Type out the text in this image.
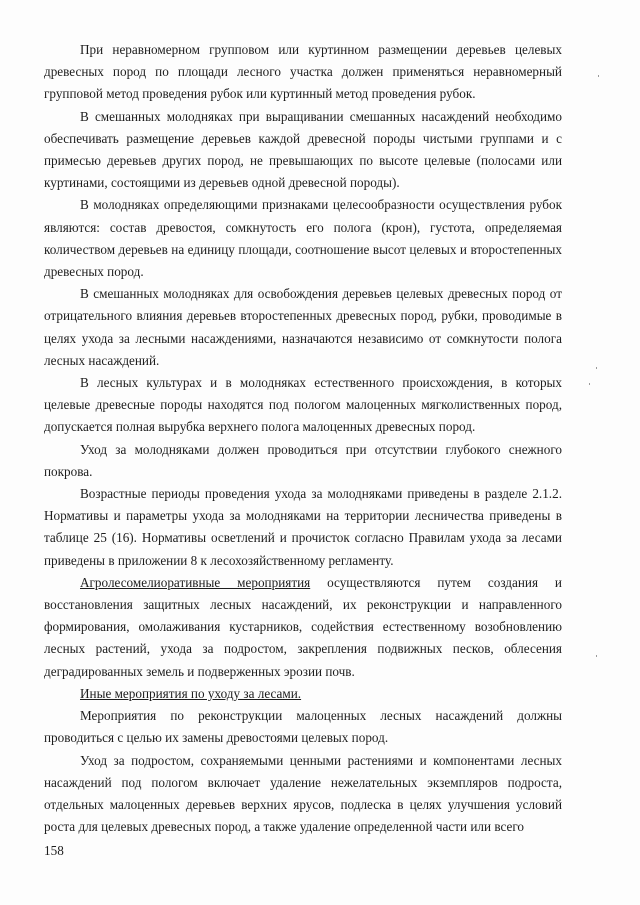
При неравномерном групповом или куртинном размещении деревьев целевых древесных пород по площади лесного участка должен применяться неравномерный групповой метод проведения рубок или куртинный метод проведения рубок.

В смешанных молодняках при выращивании смешанных насаждений необходимо обеспечивать размещение деревьев каждой древесной породы чистыми группами и с примесью деревьев других пород, не превышающих по высоте целевые (полосами или куртинами, состоящими из деревьев одной древесной породы).

В молодняках определяющими признаками целесообразности осуществления рубок являются: состав древостоя, сомкнутость его полога (крон), густота, определяемая количеством деревьев на единицу площади, соотношение высот целевых и второстепенных древесных пород.

В смешанных молодняках для освобождения деревьев целевых древесных пород от отрицательного влияния деревьев второстепенных древесных пород, рубки, проводимые в целях ухода за лесными насаждениями, назначаются независимо от сомкнутости полога лесных насаждений.

В лесных культурах и в молодняках естественного происхождения, в которых целевые древесные породы находятся под пологом малоценных мягколиственных пород, допускается полная вырубка верхнего полога малоценных древесных пород.

Уход за молодняками должен проводиться при отсутствии глубокого снежного покрова.

Возрастные периоды проведения ухода за молодняками приведены в разделе 2.1.2. Нормативы и параметры ухода за молодняками на территории лесничества приведены в таблице 25 (16). Нормативы осветлений и прочисток согласно Правилам ухода за лесами приведены в приложении 8 к лесохозяйственному регламенту.

Агролесомелиоративные мероприятия осуществляются путем создания и восстановления защитных лесных насаждений, их реконструкции и направленного формирования, омолаживания кустарников, содействия естественному возобновлению лесных растений, ухода за подростом, закрепления подвижных песков, облесения деградированных земель и подверженных эрозии почв.

Иные мероприятия по уходу за лесами.

Мероприятия по реконструкции малоценных лесных насаждений должны проводиться с целью их замены древостоями целевых пород.

Уход за подростом, сохраняемыми ценными растениями и компонентами лесных насаждений под пологом включает удаление нежелательных экземпляров подроста, отдельных малоценных деревьев верхних ярусов, подлеска в целях улучшения условий роста для целевых древесных пород, а также удаление определенной части или всего

158
